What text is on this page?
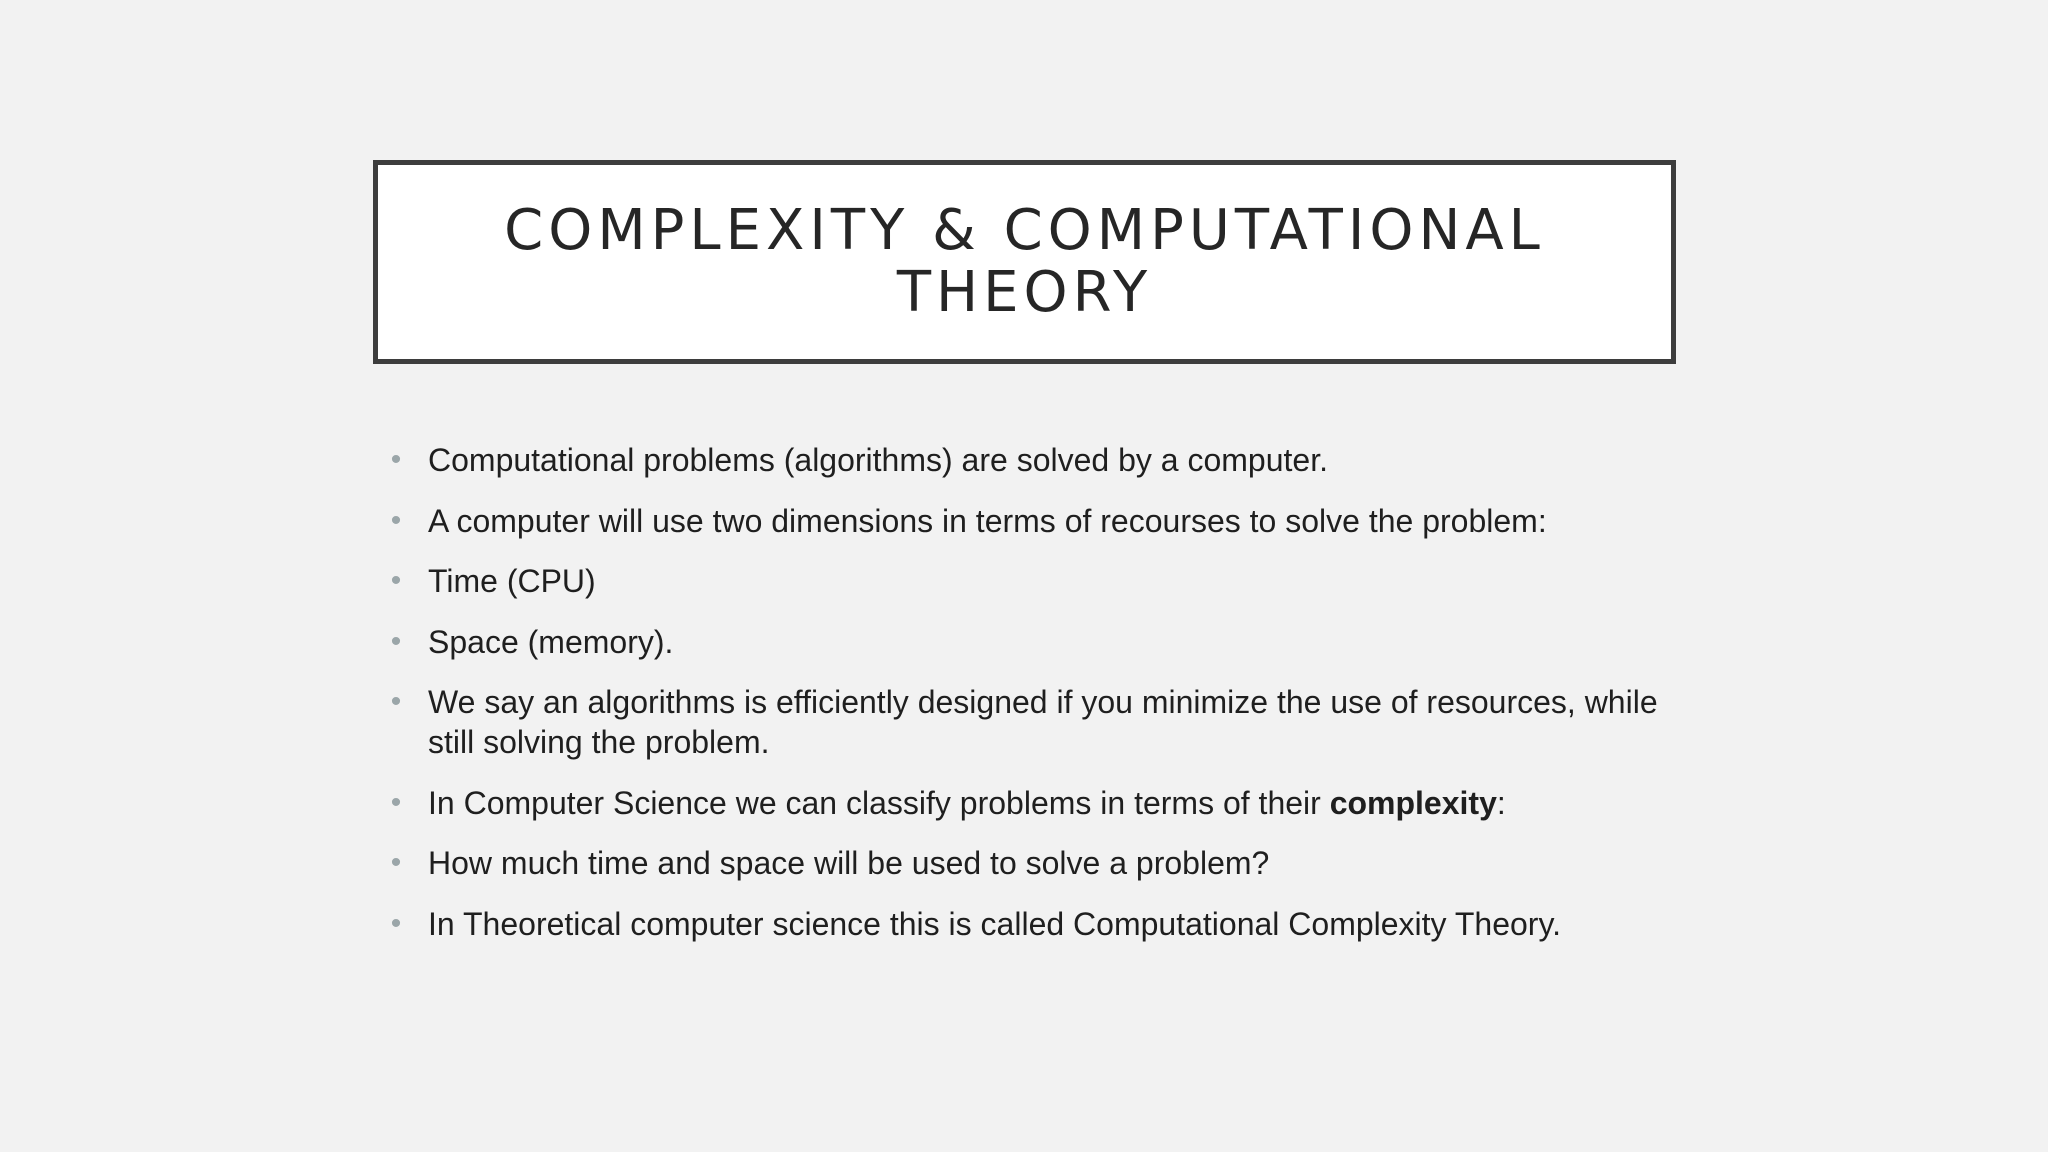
COMPLEXITY & COMPUTATIONAL THEORY
• Computational problems (algorithms) are solved by a computer.
• A computer will use two dimensions in terms of recourses to solve the problem:
• Time (CPU)
• Space (memory).
• We say an algorithms is efficiently designed if you minimize the use of resources, while still solving the problem.
• In Computer Science we can classify problems in terms of their complexity:
• How much time and space will be used to solve a problem?
• In Theoretical computer science this is called Computational Complexity Theory.
